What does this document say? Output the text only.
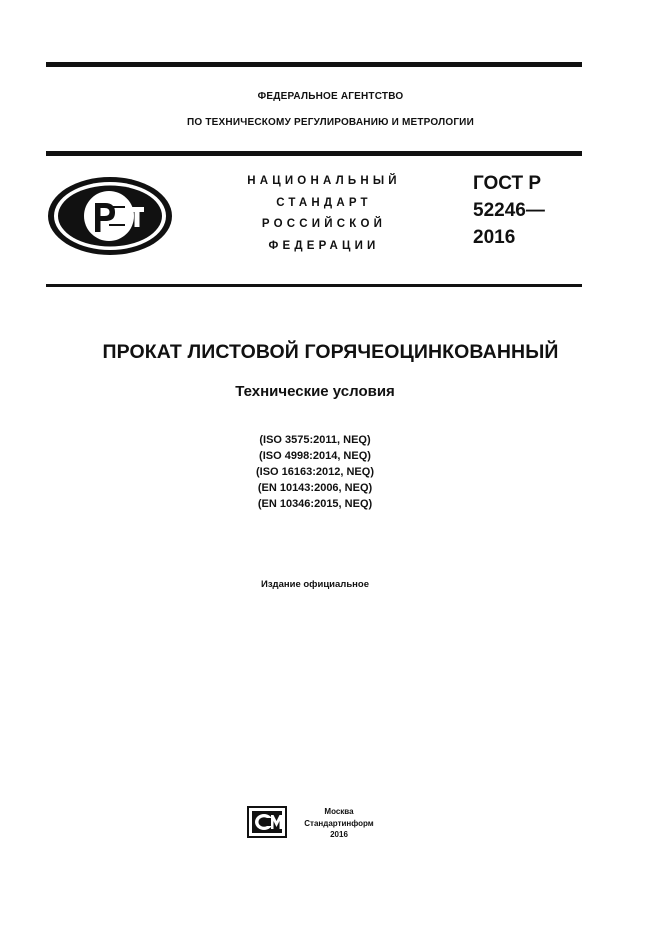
ФЕДЕРАЛЬНОЕ АГЕНТСТВО
ПО ТЕХНИЧЕСКОМУ РЕГУЛИРОВАНИЮ И МЕТРОЛОГИИ
НАЦИОНАЛЬНЫЙ
СТАНДАРТ
РОССИЙСКОЙ
ФЕДЕРАЦИИ
ГОСТ Р
52246—
2016
ПРОКАТ ЛИСТОВОЙ ГОРЯЧЕОЦИНКОВАННЫЙ
Технические условия
(ISO 3575:2011, NEQ)
(ISO 4998:2014, NEQ)
(ISO 16163:2012, NEQ)
(EN 10143:2006, NEQ)
(EN 10346:2015, NEQ)
Издание официальное
Москва
Стандартинформ
2016
